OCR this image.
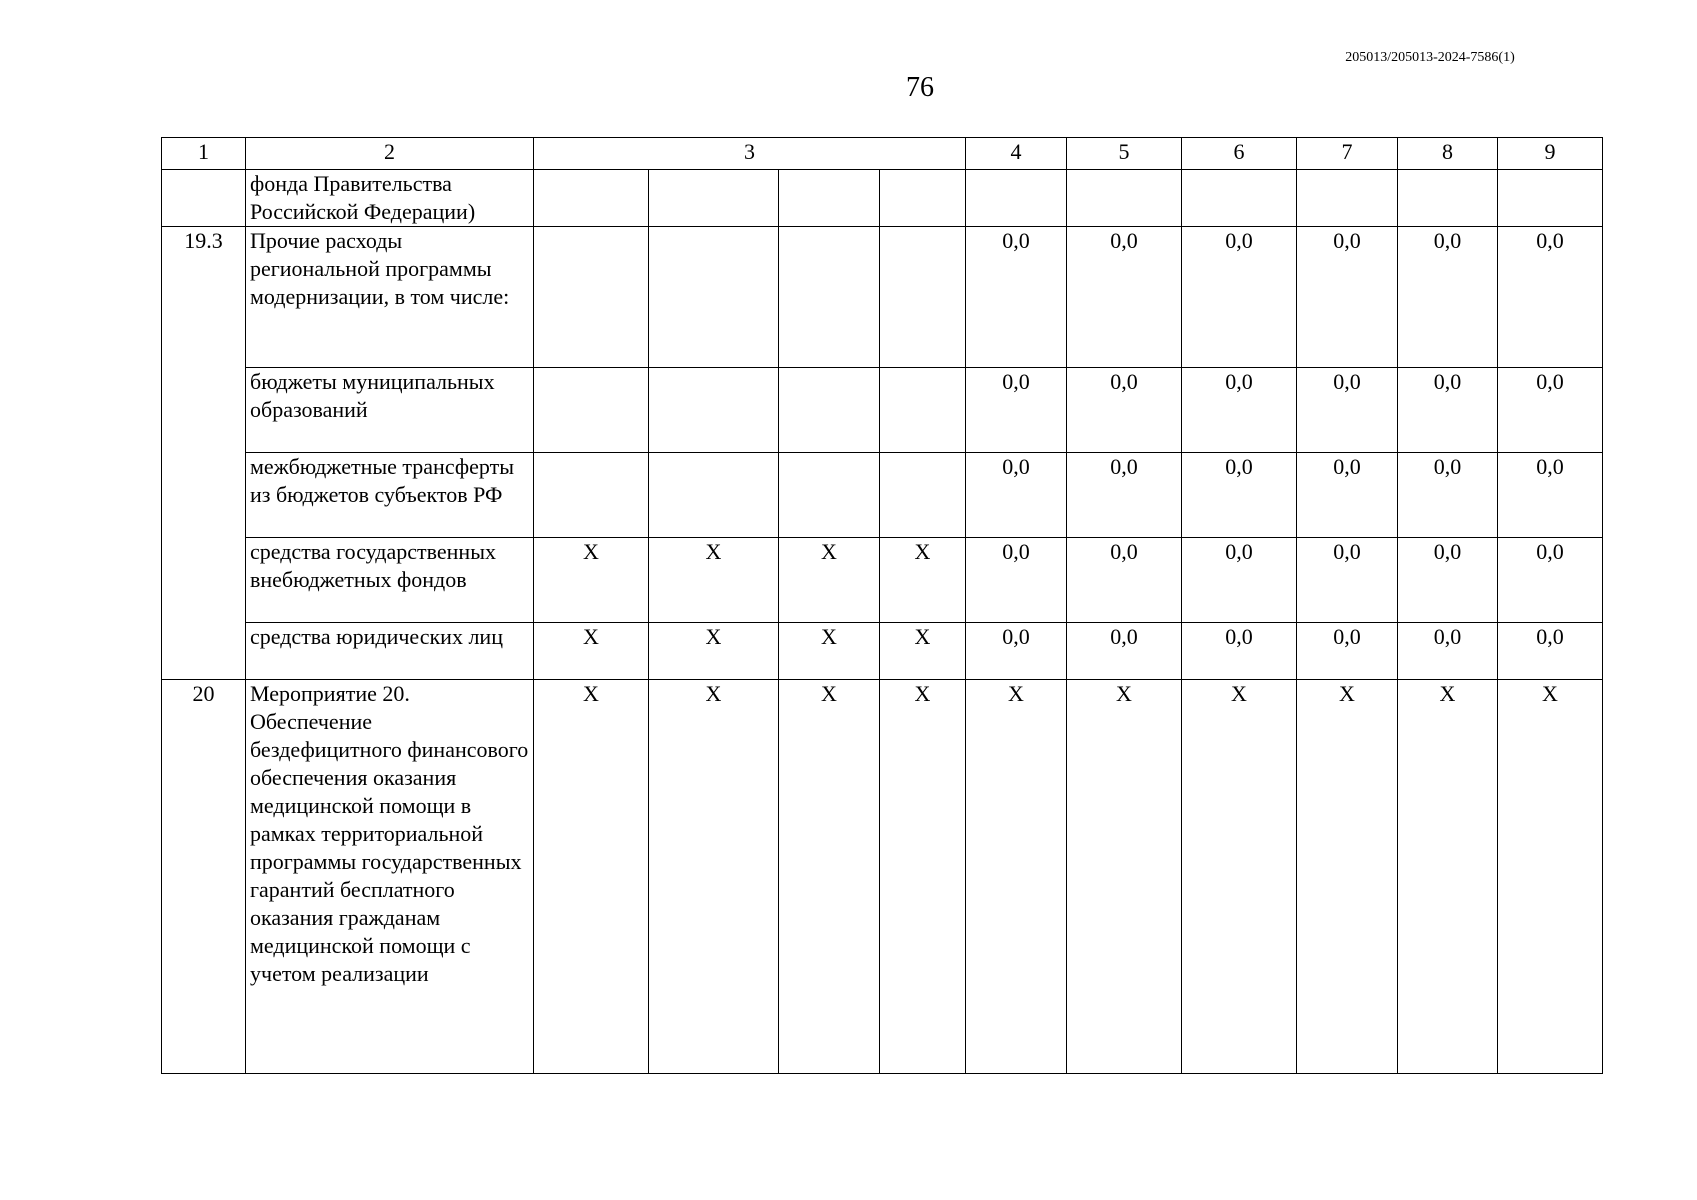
205013/205013-2024-7586(1)
76
1	2	3				4	5	6	7	8	9
	фонда Правительства Российской Федерации)										
19.3	Прочие расходы региональной программы модернизации, в том числе:					0,0	0,0	0,0	0,0	0,0	0,0
	бюджеты муниципальных образований					0,0	0,0	0,0	0,0	0,0	0,0
	межбюджетные трансферты из бюджетов субъектов РФ					0,0	0,0	0,0	0,0	0,0	0,0
	средства государственных внебюджетных фондов	X	X	X	X	0,0	0,0	0,0	0,0	0,0	0,0
	средства юридических лиц	X	X	X	X	0,0	0,0	0,0	0,0	0,0	0,0
20	Мероприятие 20. Обеспечение бездефицитного финансового обеспечения оказания медицинской помощи в рамках территориальной программы государственных гарантий бесплатного оказания гражданам медицинской помощи с учетом реализации	X	X	X	X	X	X	X	X	X	X
